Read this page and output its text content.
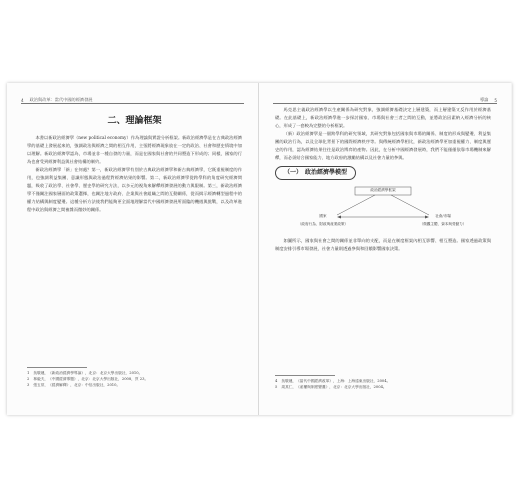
4 政治與改革：當代中國的經濟發展

二、理論框架

本書以新政治經濟學（new political economy）作為理論與實證分析框架。新政治經濟學是在古典政治經濟學的基礎上發展起來的，強調政治與經濟之間的相互作用，主張將經濟現象放在一定的政治、社會和歷史情境中加以理解。新政治經濟學認為，市場並非一種自發的力量，而是在國家與社會的共同塑造下形成的；同樣，國家的行為也會受到經濟利益與社會結構的制約。

新政治經濟學「新」在何處？第一，新政治經濟學有別於古典政治經濟學和新古典經濟學，它既重視制度的作用，也強調利益集團、意識形態與政治過程對經濟結果的影響。第二，新政治經濟學從跨學科的角度研究經濟問題，吸收了政治學、社會學、歷史學的研究方法，以多元的視角來解釋經濟發展的動力與限制。第三，新政治經濟學不僅關注國家層面的政策選擇，也關注地方政府、企業與社會組織之間的互動關係，從而揭示經濟轉型過程中的權力結構與制度變遷。這種分析方法使我們能夠更全面地理解當代中國經濟發展所面臨的機遇與挑戰，以及改革進程中政治與經濟之間複雜而微妙的關係。

1 吳敬璉，《新政治經濟學導論》，北京：北京大學出版社，2010。

2 林毅夫，《中國經濟專題》，北京：北京大學出版社，2008，頁 23。

3 張五常，《經濟解釋》，北京：中信出版社，2010。

導論 5

馬克思主義政治經濟學以生產關係為研究對象，強調經濟基礎決定上層建築，而上層建築又反作用於經濟基礎。在此基礎上，新政治經濟學進一步探討國家、市場與社會三者之間的互動，並將政治因素納入經濟分析的核心，形成了一套較為完整的分析框架。

（新）政治經濟學是一個跨學科的研究領域，其研究對象包括國家與市場的關係、制度的形成與變遷、利益集團的政治行為，以及全球化背景下的國際經濟秩序等。與傳統經濟學相比，新政治經濟學更加重視權力、制度與歷史的作用，認為經濟結果往往是政治博弈的產物。因此，在分析中國經濟發展時，我們不能僅僅依靠市場機制來解釋，而必須結合國家能力、地方政府的激勵結構以及社會力量的參與。

（一） 政治經濟學模型
政治經濟學框架
國家
（政府行為、財政與產業政策）
社會/市場
（微觀主體、資本與勞動力）

如圖所示，國家與社會之間的關係並非單向的支配，而是在制度框架內相互影響、相互塑造。國家透過政策與制度安排引導市場發展，社會力量則透過參與和回饋影響國家決策。

4 吳敬璉，《當代中國經濟改革》，上海：上海遠東出版社，2004。

5 周其仁，《產權與制度變遷》，北京：北京大學出版社，2004。
